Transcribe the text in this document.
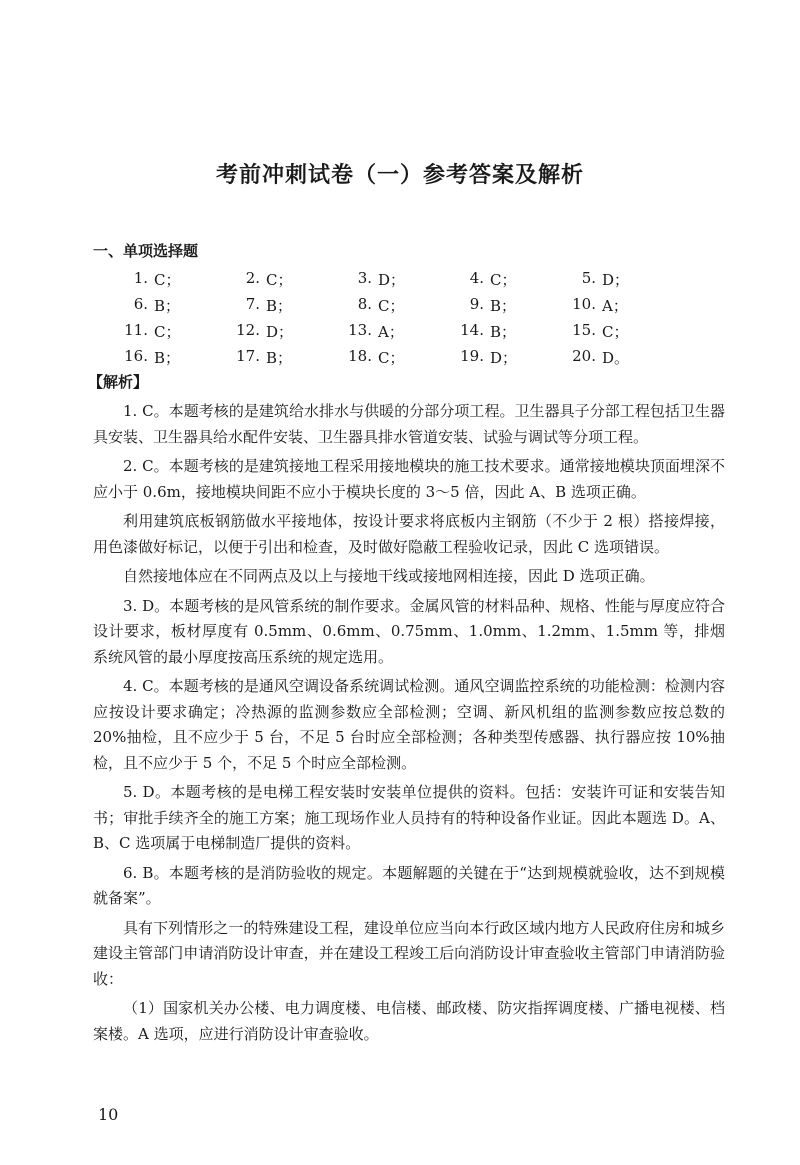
考前冲刺试卷（一）参考答案及解析
一、单项选择题
1. C；	2. C；	3. D；	4. C；	5. D；
6. B；	7. B；	8. C；	9. B；	10. A；
11. C；	12. D；	13. A；	14. B；	15. C；
16. B；	17. B；	18. C；	19. D；	20. D。
【解析】

1. C。本题考核的是建筑给水排水与供暖的分部分项工程。卫生器具子分部工程包括卫生器具安装、卫生器具给水配件安装、卫生器具排水管道安装、试验与调试等分项工程。

2. C。本题考核的是建筑接地工程采用接地模块的施工技术要求。通常接地模块顶面埋深不应小于 0.6m，接地模块间距不应小于模块长度的 3～5 倍，因此 A、B 选项正确。

利用建筑底板钢筋做水平接地体，按设计要求将底板内主钢筋（不少于 2 根）搭接焊接，用色漆做好标记，以便于引出和检查，及时做好隐蔽工程验收记录，因此 C 选项错误。

自然接地体应在不同两点及以上与接地干线或接地网相连接，因此 D 选项正确。

3. D。本题考核的是风管系统的制作要求。金属风管的材料品种、规格、性能与厚度应符合设计要求，板材厚度有 0.5mm、0.6mm、0.75mm、1.0mm、1.2mm、1.5mm 等，排烟系统风管的最小厚度按高压系统的规定选用。

4. C。本题考核的是通风空调设备系统调试检测。通风空调监控系统的功能检测：检测内容应按设计要求确定；冷热源的监测参数应全部检测；空调、新风机组的监测参数应按总数的 20%抽检，且不应少于 5 台，不足 5 台时应全部检测；各种类型传感器、执行器应按 10%抽检，且不应少于 5 个，不足 5 个时应全部检测。

5. D。本题考核的是电梯工程安装时安装单位提供的资料。包括：安装许可证和安装告知书；审批手续齐全的施工方案；施工现场作业人员持有的特种设备作业证。因此本题选 D。A、B、C 选项属于电梯制造厂提供的资料。

6. B。本题考核的是消防验收的规定。本题解题的关键在于“达到规模就验收，达不到规模就备案”。

具有下列情形之一的特殊建设工程，建设单位应当向本行政区域内地方人民政府住房和城乡建设主管部门申请消防设计审查，并在建设工程竣工后向消防设计审查验收主管部门申请消防验收：

（1）国家机关办公楼、电力调度楼、电信楼、邮政楼、防灾指挥调度楼、广播电视楼、档案楼。A 选项，应进行消防设计审查验收。

10
